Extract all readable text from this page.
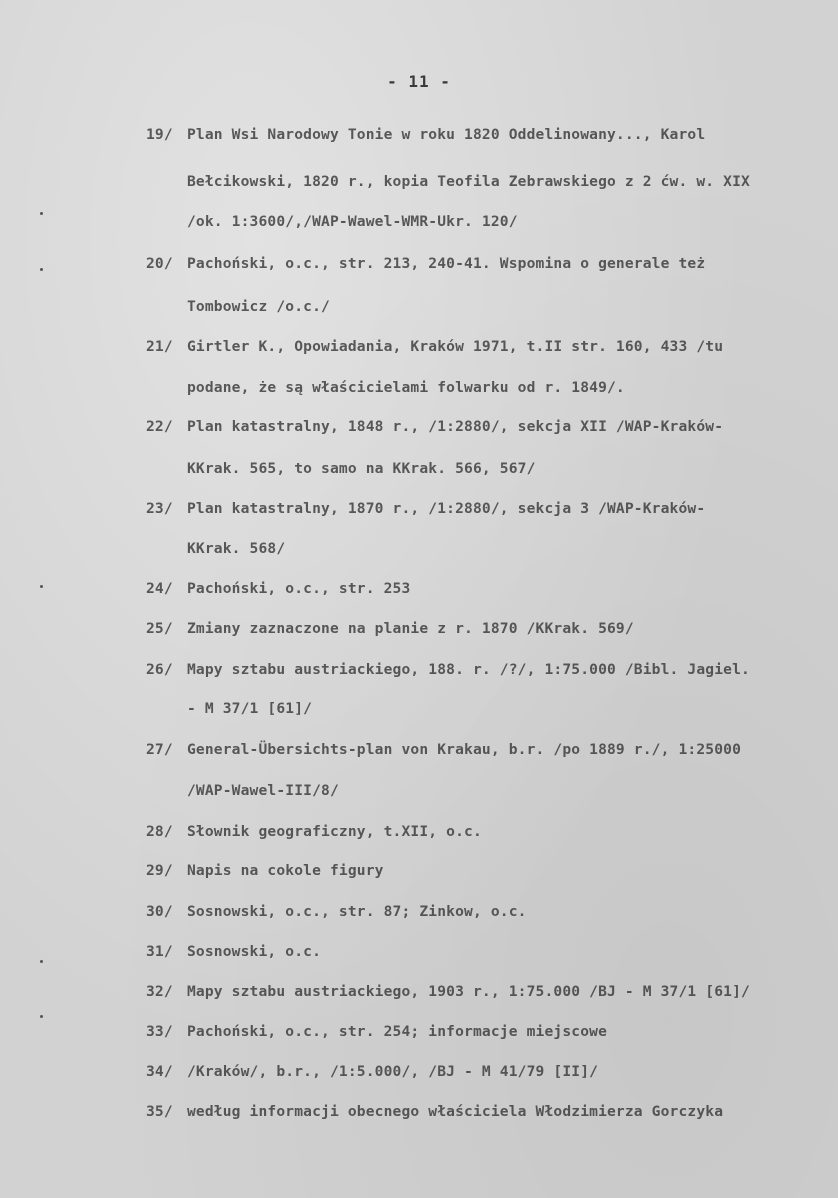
- 11 -
19/ Plan Wsi Narodowy Tonie w roku 1820 Oddelinowany..., Karol
Bełcikowski, 1820 r., kopia Teofila Zebrawskiego z 2 ćw. w. XIX
/ok. 1:3600/,/WAP-Wawel-WMR-Ukr. 120/
20/ Pachoński, o.c., str. 213, 240-41. Wspomina o generale też
Tombowicz /o.c./
21/ Girtler K., Opowiadania, Kraków 1971, t.II str. 160, 433 /tu
podane, że są właścicielami folwarku od r. 1849/.
22/ Plan katastralny, 1848 r., /1:2880/, sekcja XII /WAP-Kraków-
KKrak. 565, to samo na KKrak. 566, 567/
23/ Plan katastralny, 1870 r., /1:2880/, sekcja 3 /WAP-Kraków-
KKrak. 568/
24/ Pachoński, o.c., str. 253
25/ Zmiany zaznaczone na planie z r. 1870 /KKrak. 569/
26/ Mapy sztabu austriackiego, 188. r. /?/, 1:75.000 /Bibl. Jagiel.
- M 37/1 [61]/
27/ General-Übersichts-plan von Krakau, b.r. /po 1889 r./, 1:25000
/WAP-Wawel-III/8/
28/ Słownik geograficzny, t.XII, o.c.
29/ Napis na cokole figury
30/ Sosnowski, o.c., str. 87; Zinkow, o.c.
31/ Sosnowski, o.c.
32/ Mapy sztabu austriackiego, 1903 r., 1:75.000 /BJ - M 37/1 [61]/
33/ Pachoński, o.c., str. 254; informacje miejscowe
34/ /Kraków/, b.r., /1:5.000/, /BJ - M 41/79 [II]/
35/ według informacji obecnego właściciela Włodzimierza Gorczyka
